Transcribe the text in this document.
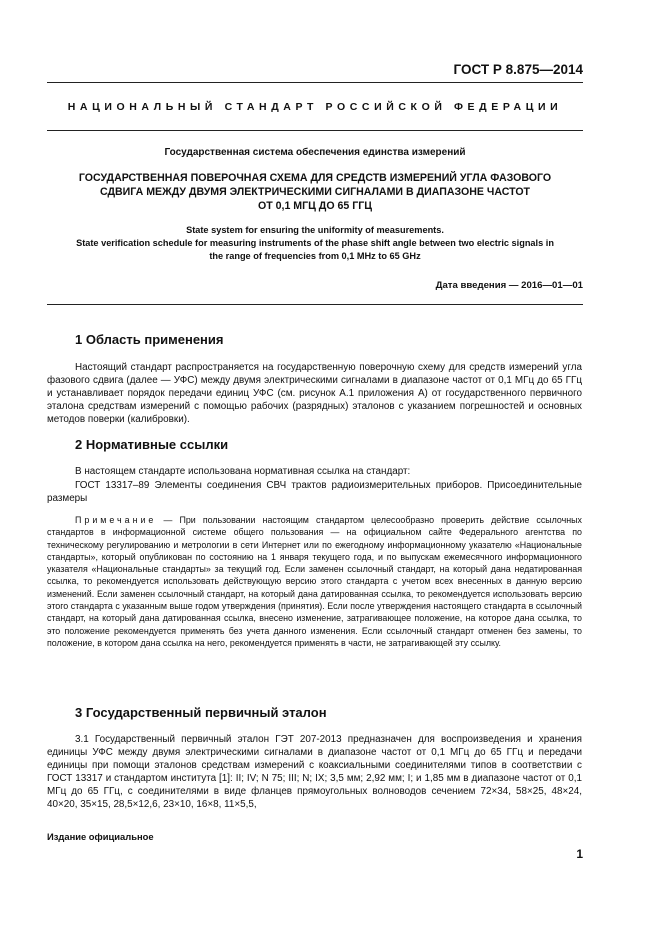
ГОСТ Р 8.875—2014
НАЦИОНАЛЬНЫЙ СТАНДАРТ РОССИЙСКОЙ ФЕДЕРАЦИИ
Государственная система обеспечения единства измерений
ГОСУДАРСТВЕННАЯ ПОВЕРОЧНАЯ СХЕМА ДЛЯ СРЕДСТВ ИЗМЕРЕНИЙ УГЛА ФАЗОВОГО
СДВИГА МЕЖДУ ДВУМЯ ЭЛЕКТРИЧЕСКИМИ СИГНАЛАМИ В ДИАПАЗОНЕ ЧАСТОТ
ОТ 0,1 МГЦ ДО 65 ГГЦ
State system for ensuring the uniformity of measurements.
State verification schedule for measuring instruments of the phase shift angle between two electric signals in
the range of frequencies from 0,1 MHz to 65 GHz
Дата введения — 2016—01—01
1 Область применения

Настоящий стандарт распространяется на государственную поверочную схему для средств измерений угла фазового сдвига (далее — УФС) между двумя электрическими сигналами в диапазоне частот от 0,1 МГц до 65 ГГц и устанавливает порядок передачи единиц УФС (см. рисунок А.1 приложения А) от государственного первичного эталона средствам измерений с помощью рабочих (разрядных) эталонов с указанием погрешностей и основных методов поверки (калибровки).

2 Нормативные ссылки

В настоящем стандарте использована нормативная ссылка на стандарт:

ГОСТ 13317–89 Элементы соединения СВЧ трактов радиоизмерительных приборов. Присоединительные размеры

Примечание — При пользовании настоящим стандартом целесообразно проверить действие ссылочных стандартов в информационной системе общего пользования — на официальном сайте Федерального агентства по техническому регулированию и метрологии в сети Интернет или по ежегодному информационному указателю «Национальные стандарты», который опубликован по состоянию на 1 января текущего года, и по выпускам ежемесячного информационного указателя «Национальные стандарты» за текущий год. Если заменен ссылочный стандарт, на который дана недатированная ссылка, то рекомендуется использовать действующую версию этого стандарта с учетом всех внесенных в данную версию изменений. Если заменен ссылочный стандарт, на который дана датированная ссылка, то рекомендуется использовать версию этого стандарта с указанным выше годом утверждения (принятия). Если после утверждения настоящего стандарта в ссылочный стандарт, на который дана датированная ссылка, внесено изменение, затрагивающее положение, на которое дана ссылка, то это положение рекомендуется применять без учета данного изменения. Если ссылочный стандарт отменен без замены, то положение, в котором дана ссылка на него, рекомендуется применять в части, не затрагивающей эту ссылку.

3 Государственный первичный эталон

3.1 Государственный первичный эталон ГЭТ 207-2013 предназначен для воспроизведения и хранения единицы УФС между двумя электрическими сигналами в диапазоне частот от 0,1 МГц до 65 ГГц и передачи единицы при помощи эталонов средствам измерений с коаксиальными соединителями типов в соответствии с ГОСТ 13317 и стандартом института [1]: II; IV; N 75; III; N; IX; 3,5 мм; 2,92 мм; I; и 1,85 мм в диапазоне частот от 0,1 МГц до 65 ГГц, с соединителями в виде фланцев прямоугольных волноводов сечением 72×34, 58×25, 48×24, 40×20, 35×15, 28,5×12,6, 23×10, 16×8, 11×5,5,

Издание официальное
1
